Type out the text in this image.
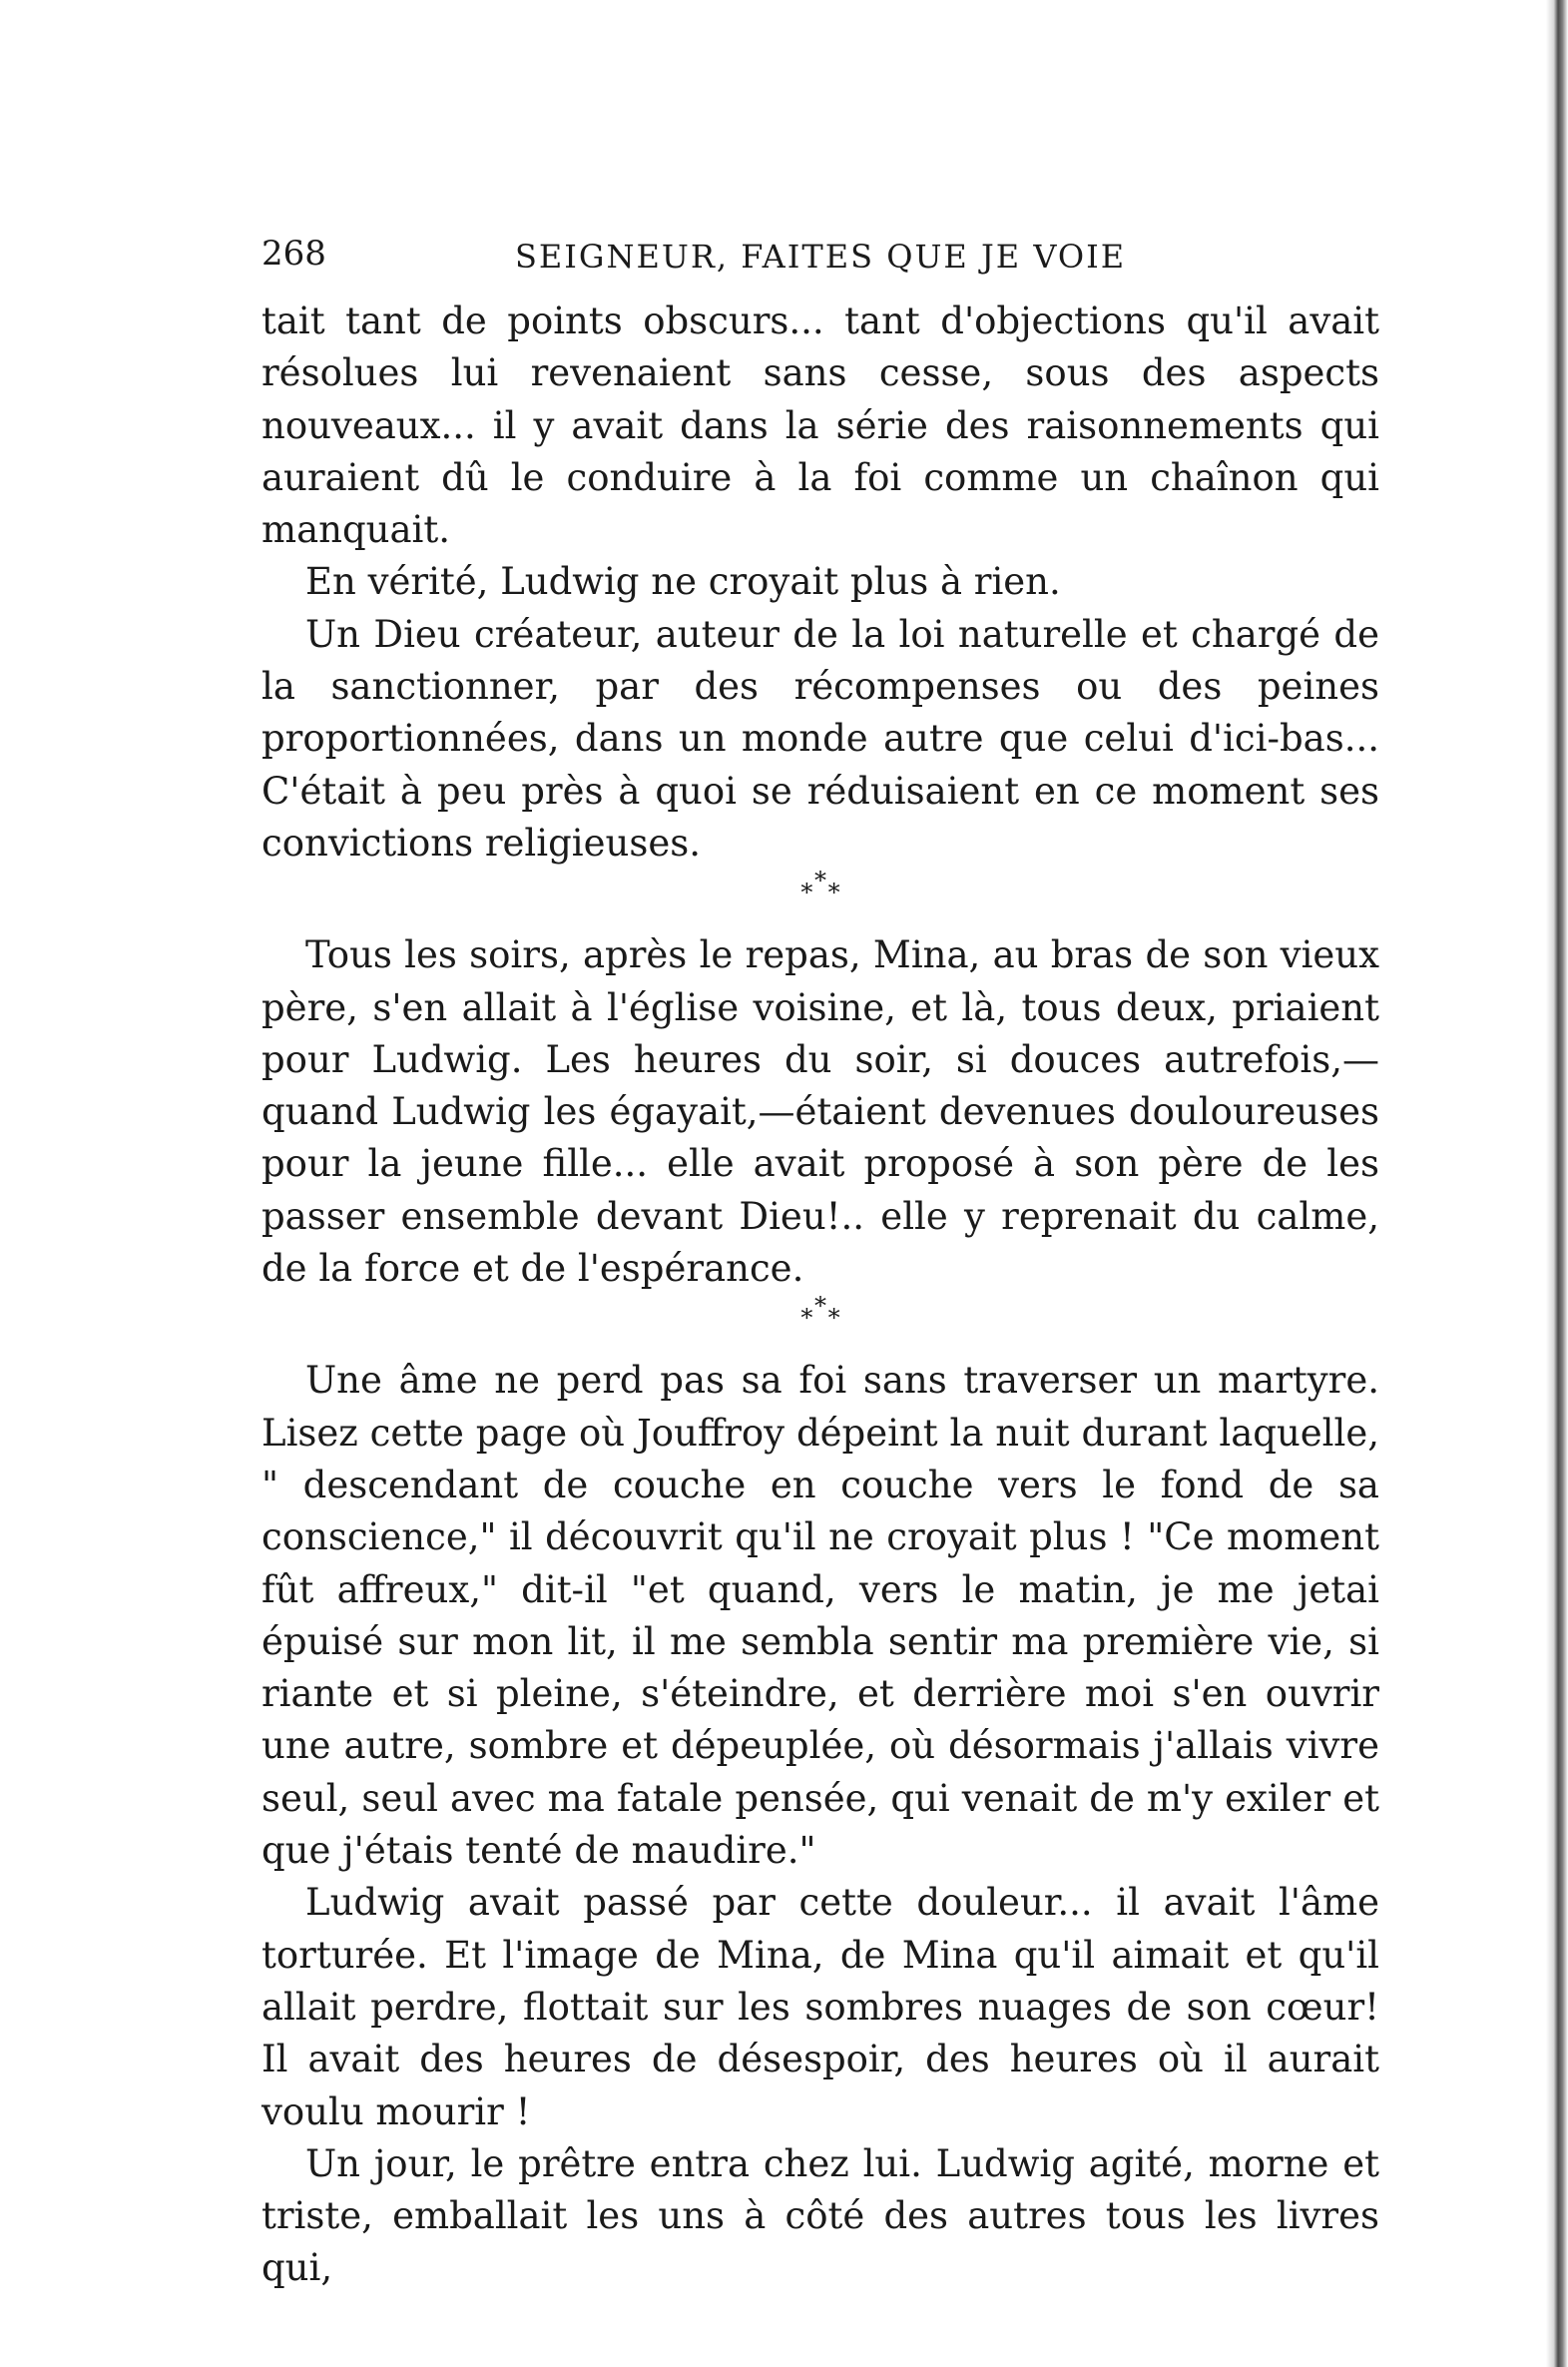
268	SEIGNEUR, FAITES QUE JE VOIE

tait tant de points obscurs... tant d'objections qu'il avait résolues lui revenaient sans cesse, sous des aspects nouveaux... il y avait dans la série des raisonnements qui auraient dû le conduire à la foi comme un chaînon qui manquait.

En vérité, Ludwig ne croyait plus à rien.

Un Dieu créateur, auteur de la loi naturelle et chargé de la sanctionner, par des récompenses ou des peines proportionnées, dans un monde autre que celui d'ici-bas... C'était à peu près à quoi se réduisaient en ce moment ses convictions religieuses.

*
* *

Tous les soirs, après le repas, Mina, au bras de son vieux père, s'en allait à l'église voisine, et là, tous deux, priaient pour Ludwig. Les heures du soir, si douces autrefois,—quand Ludwig les égayait,—étaient devenues douloureuses pour la jeune fille... elle avait proposé à son père de les passer ensemble devant Dieu!.. elle y reprenait du calme, de la force et de l'espérance.

*
* *

Une âme ne perd pas sa foi sans traverser un martyre. Lisez cette page où Jouffroy dépeint la nuit durant laquelle, " descendant de couche en couche vers le fond de sa conscience," il découvrit qu'il ne croyait plus ! "Ce moment fût affreux," dit-il "et quand, vers le matin, je me jetai épuisé sur mon lit, il me sembla sentir ma première vie, si riante et si pleine, s'éteindre, et derrière moi s'en ouvrir une autre, sombre et dépeuplée, où désormais j'allais vivre seul, seul avec ma fatale pensée, qui venait de m'y exiler et que j'étais tenté de maudire."

Ludwig avait passé par cette douleur... il avait l'âme torturée. Et l'image de Mina, de Mina qu'il aimait et qu'il allait perdre, flottait sur les sombres nuages de son cœur! Il avait des heures de désespoir, des heures où il aurait voulu mourir !

Un jour, le prêtre entra chez lui. Ludwig agité, morne et triste, emballait les uns à côté des autres tous les livres qui,
